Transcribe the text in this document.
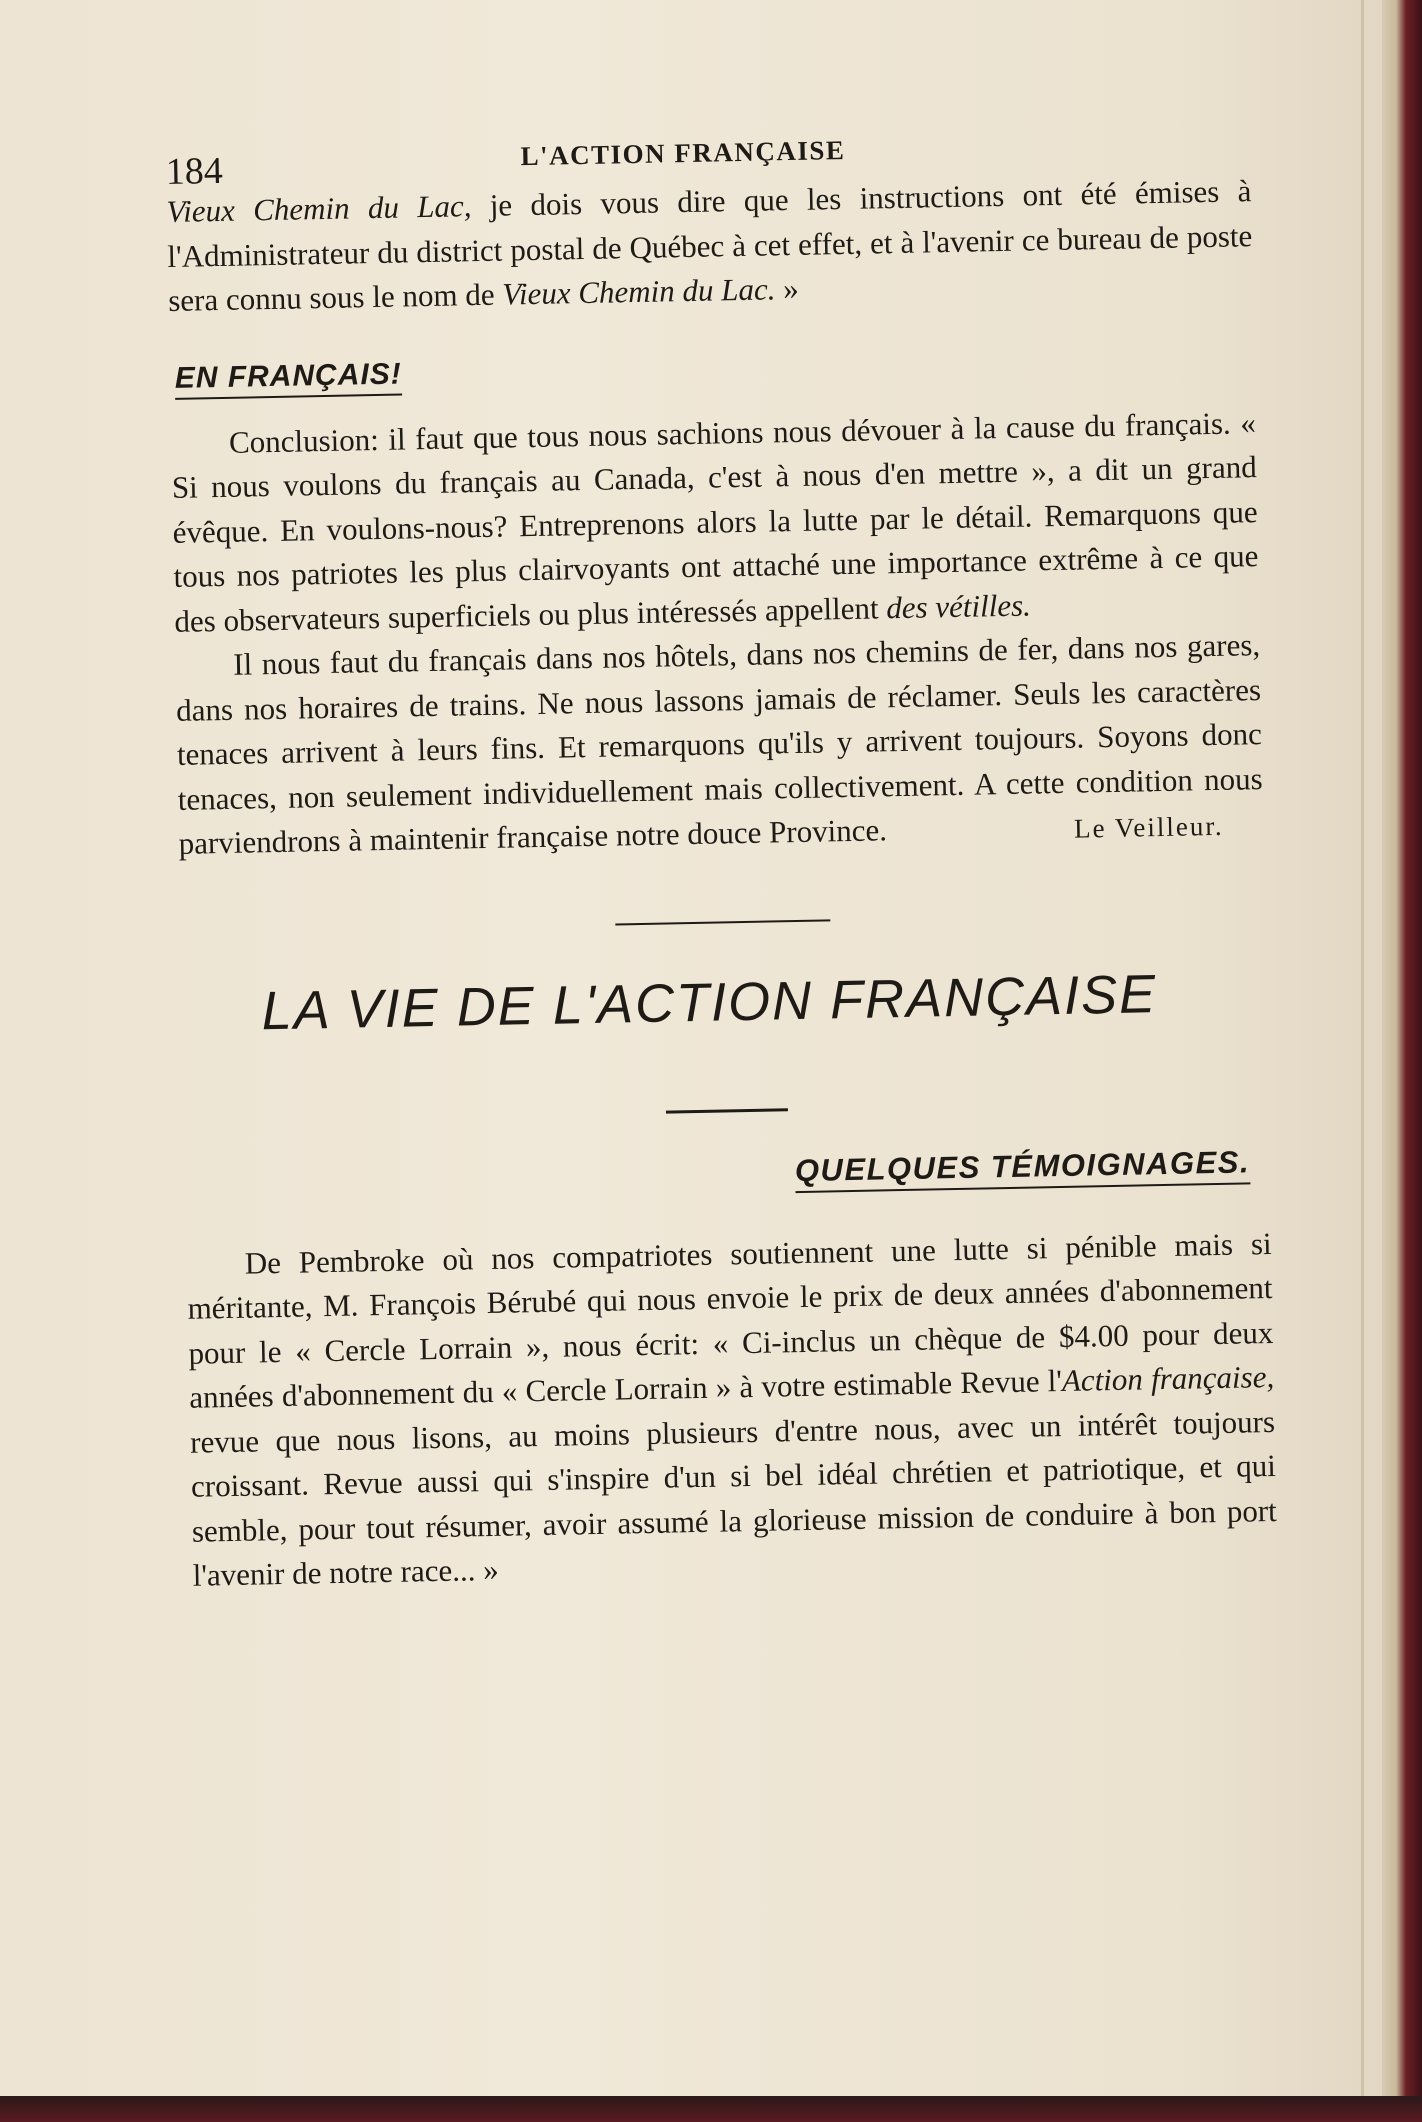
184	L'ACTION FRANÇAISE

Vieux Chemin du Lac, je dois vous dire que les instructions ont été émises à l'Administrateur du district postal de Québec à cet effet, et à l'avenir ce bureau de poste sera connu sous le nom de Vieux Chemin du Lac. »

EN FRANÇAIS!

Conclusion: il faut que tous nous sachions nous dévouer à la cause du français. « Si nous voulons du français au Canada, c'est à nous d'en mettre », a dit un grand évêque. En voulons-nous? Entreprenons alors la lutte par le détail. Remarquons que tous nos patriotes les plus clairvoyants ont attaché une importance extrême à ce que des observateurs superficiels ou plus intéressés appellent des vétilles.

Il nous faut du français dans nos hôtels, dans nos chemins de fer, dans nos gares, dans nos horaires de trains. Ne nous lassons jamais de réclamer. Seuls les caractères tenaces arrivent à leurs fins. Et remarquons qu'ils y arrivent toujours. Soyons donc tenaces, non seulement individuellement mais collectivement. A cette condition nous parviendrons à maintenir française notre douce Province.	Le Veilleur.
LA VIE DE L'ACTION FRANÇAISE
QUELQUES TÉMOIGNAGES.

De Pembroke où nos compatriotes soutiennent une lutte si pénible mais si méritante, M. François Bérubé qui nous envoie le prix de deux années d'abonnement pour le « Cercle Lorrain », nous écrit: « Ci-inclus un chèque de $4.00 pour deux années d'abonnement du « Cercle Lorrain » à votre estimable Revue l'Action française, revue que nous lisons, au moins plusieurs d'entre nous, avec un intérêt toujours croissant. Revue aussi qui s'inspire d'un si bel idéal chrétien et patriotique, et qui semble, pour tout résumer, avoir assumé la glorieuse mission de conduire à bon port l'avenir de notre race... »
